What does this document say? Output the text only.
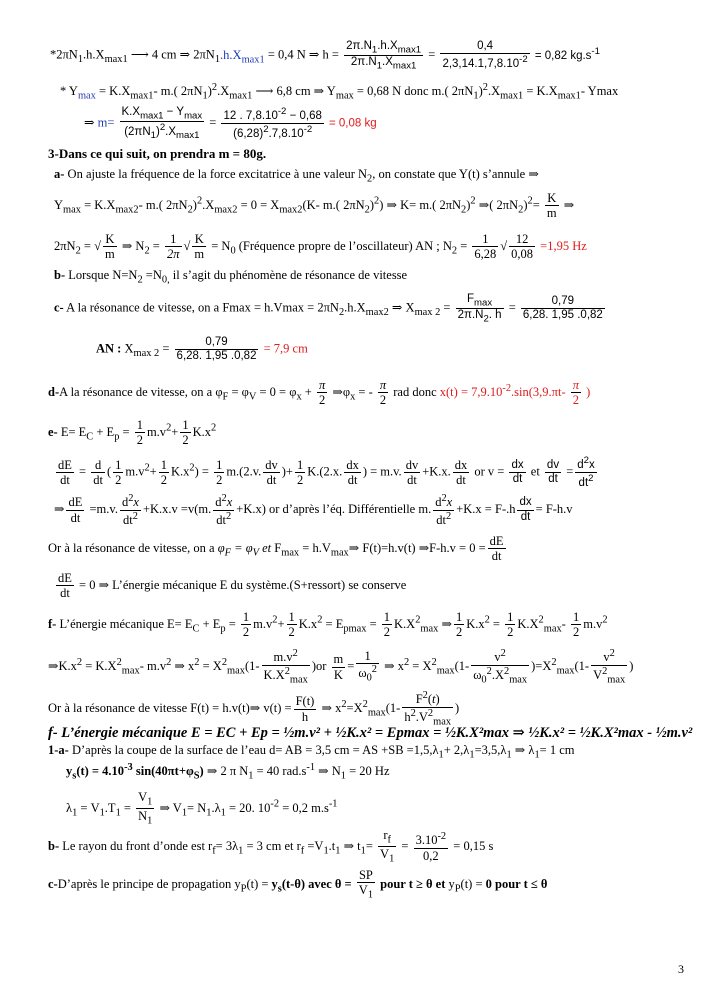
$*2\pi N_1.h.X_{max1}$ ⟶ 4 cm ⇒ $2\pi N_1.h.X_{max1} = 0,4$ N ⇒ $h = \frac{2\pi.N_1.h.X_{max1}}{2\pi.N_1.X_{max1}} = \frac{0,4}{2,3,14.1,7,8.10^{-2}} = 0,82$ $kg.s^{-1}$
* $Y_{max} = K.X_{max1}-$ m.( $2\pi N_1)^2.X_{max1}$ ⟶ 6,8 cm ⇒ $Y_{max} = 0,68$ N donc m.( $2\pi N_1)^2.X_{max1} = K.X_{max1}-$ Ymax
⇒ $m= \frac{K.X_{max1} - Y_{max}}{(2\pi N_1)^2.X_{max1}} = \frac{12 . 7,8.10^{-2} - 0,68}{(6,28)^2.7,8.10^{-2}} = 0,08$ kg
3-Dans ce qui suit, on prendra m = 80g.
a- On ajuste la fréquence de la force excitatrice à une valeur $N_2$, on constate que Y(t) s’annule ⇒
$Y_{max} = K.X_{max2}-$ m.( $2\pi N_2)^2.X_{max2} = 0 = X_{max2}(K-$ m.( $2\pi N_2)^2$) ⇒ K= m.( $2\pi N_2)^2$ ⇒( $2\pi N_2)^2= \frac{K}{m}$ ⇒
$2\pi N_2$ = √ $\frac{K}{m}$ ⇒ $N_2 = \frac{1}{2\pi}$ √ $\frac{K}{m} = N_0$ (Fréquence propre de l’oscillateur) AN ; $N_2 = \frac{1}{6,28}$ √ $\frac{12}{0,08} =1,95$ Hz
b- Lorsque $N=N_2 =N_{0,}$ il s’agit du phénomène de résonance de vitesse
c- A la résonance de vitesse, on a $Fmax = h.Vmax = 2\pi N_2.h.X_{max2}$ ⇒ $X_{max 2} = \frac{F_{max}}{2\pi.N_2. h} = \frac{0,79}{6,28. 1,95 .0,82}$
AN : $X_{max 2} = \frac{0,79}{6,28. 1,95 .0,82} = 7,9$ cm
d-A la résonance de vitesse, on a $\varphi_F = \varphi_V = 0 = \varphi_x + \frac{\pi}{2}$ $\Rightarrow\varphi_x$ = - $\frac{\pi}{2}$ rad donc $x(t) = 7,9.10^{-2}.\sin(3,9.\pi t- \frac{\pi}{2}$ )
e- $E= E_C + E_p = \frac{1}{2} m.v^2+ \frac{1}{2} K.x^2$
$\frac{dE}{dt} = \frac{d}{dt}$ ( $\frac{1}{2} m.v^2+ \frac{1}{2} K.x^2) = \frac{1}{2} m.(2.v$. $\frac{dv}{dt}$ )+ $\frac{1}{2} K.(2.x$. $\frac{dx}{dt}$ ) = m.v. $\frac{dv}{dt} +K.x$. $\frac{dx}{dt}$ or $v = \frac{dx}{dt}$ et $\frac{dv}{dt} = \frac{d^2x}{dt^2}$
⇒ $\frac{dE}{dt} =m.v$. $\frac{d^2x}{dt^2} +K.x.v =v(m$. $\frac{d^2x}{dt^2} +K.x$) or d’après l’éq. Différentielle m. $\frac{d^2x}{dt^2} +K.x = F-.h \frac{dx}{dt} = F-h.v$
Or à la résonance de vitesse, on a $\varphi_F = \varphi_V$ et $F_{max}$ = $h.V_{max}\Rightarrow$ F(t)=h.v(t) ⇒F-h.v = $0 = \frac{dE}{dt}$
$\frac{dE}{dt} = 0$ ⇒ L’énergie mécanique E du système.(S+ressort) se conserve
f- L’énergie mécanique $E= E_C + E_p = \frac{1}{2} m.v^2+ \frac{1}{2} K.x^2 = E_{pmax} = \frac{1}{2} K.X^2_{max}$ ⇒ $\frac{1}{2} K.x^2 = \frac{1}{2} K.X^2_{max}- \frac{1}{2} m.v^2$
$\Rightarrow K.x^2 = K.X^2_{max}-$ $m.v^2$ ⇒ $x^2 = X^2_{max}(1- \frac{m.v^2}{K.X^2_{max}} )or \frac{m}{K} = \frac{1}{\omega_0^2}$ ⇒ $x^2 = X^2_{max}(1- \frac{v^2}{\omega_0^2.X^2_{max}} )=X^2_{max}(1- \frac{v^2}{V^2_{max}}$ )
Or à la résonance de vitesse F(t) = h.v(t)⇒ $v(t) = \frac{F(t)}{h}$ ⇒ $x^2=X^2_{max}(1- \frac{F^2(t)}{h^2.V^2_{max}}$ )
f- L’énergie mécanique E = EC + Ep = ½m.v² + ½K.x² = Epmax = ½K.X²max ⇒ ½K.x² = ½K.X²max - ½m.v²
1-a- D’après la coupe de la surface de l’eau d= AB = 3,5 cm = AS $+SB =1,5,\lambda_1+ 2,\lambda_1=3,5,\lambda_1$ ⇒ $\lambda_1= 1$ cm
$y_s(t) = 4.10^{-3}$ $\sin(40\pi t+\varphi_S)$ ⇒ 2 π $N_1 = 40$ $rad.s^{-1}$ ⇒ $N_1 = 20$ Hz
$\lambda_1 = V_1.T_1 = \frac{V_1}{N_1}$ ⇒ $V_1= N_1.\lambda_1 = 20$. $10^{-2} = 0,2$ $m.s^{-1}$
b- Le rayon du front d’onde est $r_f= 3\lambda_1 = 3$ cm et $r_f =V_1.t_1$ ⇒ $t_1= \frac{r_f}{V_1} = \frac{3.10^{-2}}{0,2} = 0,15$ s
c-D’après le principe de propagation $y_P(t) = y_s(t-\theta)$ avec $\theta = \frac{SP}{V_1}$ pour t ≥ θ et $y_P(t) = 0$ pour t ≤ θ
3
